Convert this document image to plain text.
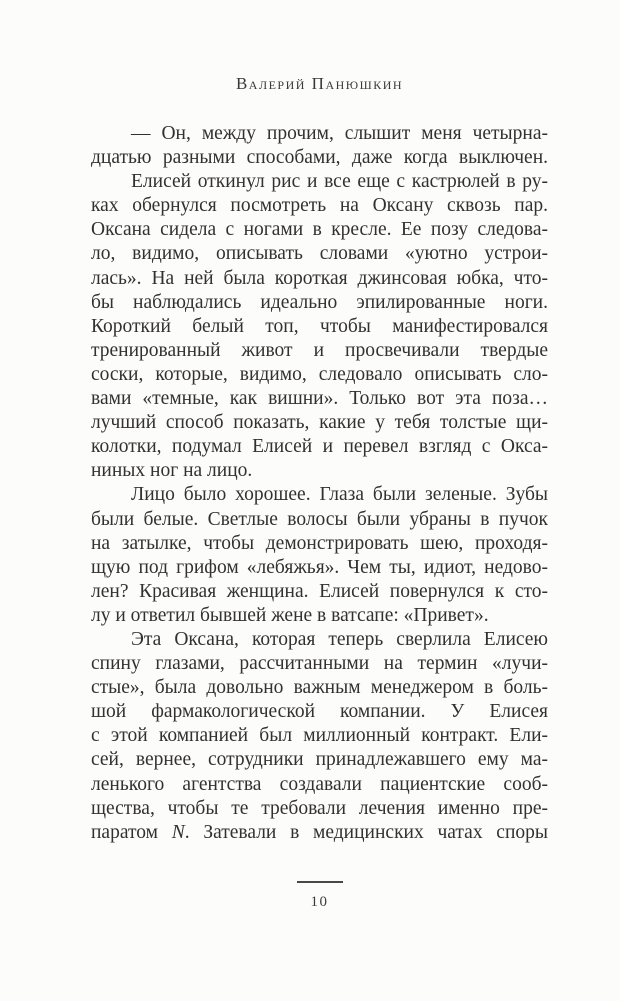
Валерий Панюшкин

— Он, между прочим, слышит меня четырна-
дцатью разными способами, даже когда выключен.

Елисей откинул рис и все еще с кастрюлей в ру-
ках обернулся посмотреть на Оксану сквозь пар.
Оксана сидела с ногами в кресле. Ее позу следова-
ло, видимо, описывать словами «уютно устрои-
лась». На ней была короткая джинсовая юбка, что-
бы наблюдались идеально эпилированные ноги.
Короткий белый топ, чтобы манифестировался
тренированный живот и просвечивали твердые
соски, которые, видимо, следовало описывать сло-
вами «темные, как вишни». Только вот эта поза…
лучший способ показать, какие у тебя толстые щи-
колотки, подумал Елисей и перевел взгляд с Окса-
ниных ног на лицо.

Лицо было хорошее. Глаза были зеленые. Зубы
были белые. Светлые волосы были убраны в пучок
на затылке, чтобы демонстрировать шею, проходя-
щую под грифом «лебяжья». Чем ты, идиот, недово-
лен? Красивая женщина. Елисей повернулся к сто-
лу и ответил бывшей жене в ватсапе: «Привет».

Эта Оксана, которая теперь сверлила Елисею
спину глазами, рассчитанными на термин «лучи-
стые», была довольно важным менеджером в боль-
шой фармакологической компании. У Елисея
с этой компанией был миллионный контракт. Ели-
сей, вернее, сотрудники принадлежавшего ему ма-
ленького агентства создавали пациентские сооб-
щества, чтобы те требовали лечения именно пре-
паратом N. Затевали в медицинских чатах споры

10
